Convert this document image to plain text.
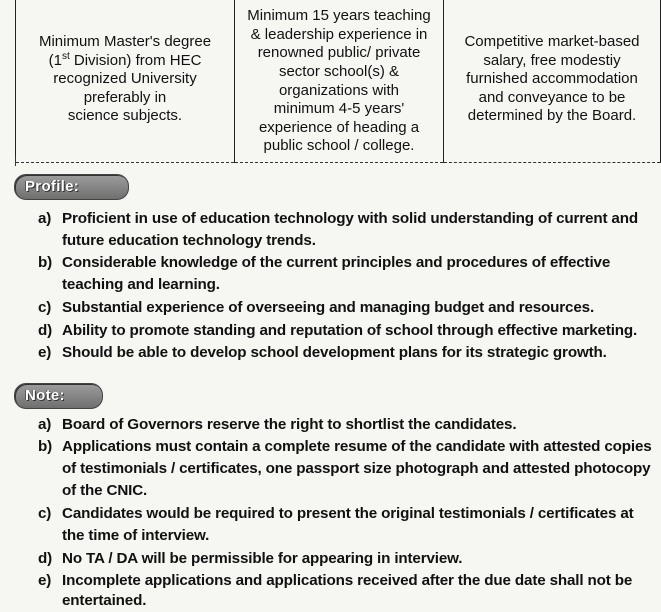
Minimum Master's degree
(1st Division) from HEC
recognized University
preferably in
science subjects.

Minimum 15 years teaching
& leadership experience in
renowned public/ private
sector school(s) &
organizations with
minimum 4-5 years'
experience of heading a
public school / college.

Competitive market-based
salary, free modestiy
furnished accommodation
and conveyance to be
determined by the Board.
Profile:
a) Proficient in use of education technology with solid understanding of current and
future education technology trends.
b) Considerable knowledge of the current principles and procedures of effective
teaching and learning.
c) Substantial experience of overseeing and managing budget and resources.
d) Ability to promote standing and reputation of school through effective marketing.
e) Should be able to develop school development plans for its strategic growth.
Note:
a) Board of Governors reserve the right to shortlist the candidates.
b) Applications must contain a complete resume of the candidate with attested copies
of testimonials / certificates, one passport size photograph and attested photocopy
of the CNIC.
c) Candidates would be required to present the original testimonials / certificates at
the time of interview.
d) No TA / DA will be permissible for appearing in interview.
e) Incomplete applications and applications received after the due date shall not be
entertained.
